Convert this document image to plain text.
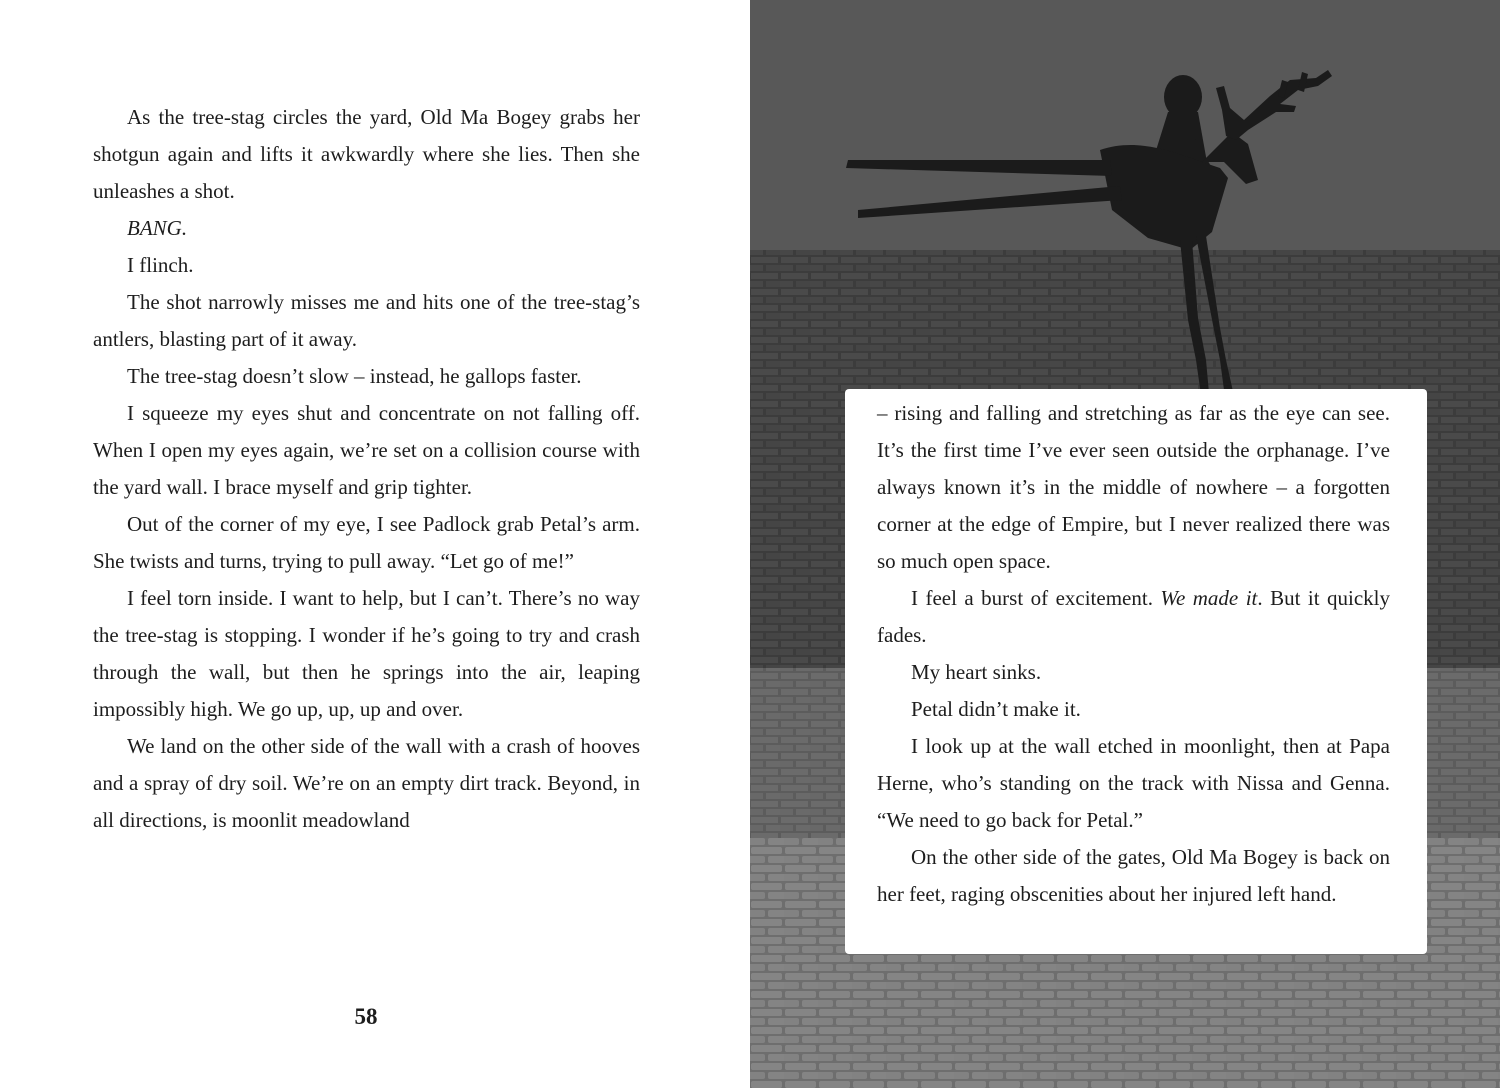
As the tree-stag circles the yard, Old Ma Bogey grabs her shotgun again and lifts it awkwardly where she lies. Then she unleashes a shot.

BANG.

I flinch.

The shot narrowly misses me and hits one of the tree-stag’s antlers, blasting part of it away.

The tree-stag doesn’t slow – instead, he gallops faster.

I squeeze my eyes shut and concentrate on not falling off. When I open my eyes again, we’re set on a collision course with the yard wall. I brace myself and grip tighter.

Out of the corner of my eye, I see Padlock grab Petal’s arm. She twists and turns, trying to pull away. “Let go of me!”

I feel torn inside. I want to help, but I can’t. There’s no way the tree-stag is stopping. I wonder if he’s going to try and crash through the wall, but then he springs into the air, leaping impossibly high. We go up, up, up and over.

We land on the other side of the wall with a crash of hooves and a spray of dry soil. We’re on an empty dirt track. Beyond, in all directions, is moonlit meadowland

58

– rising and falling and stretching as far as the eye can see. It’s the first time I’ve ever seen outside the orphanage. I’ve always known it’s in the middle of nowhere – a forgotten corner at the edge of Empire, but I never realized there was so much open space.

I feel a burst of excitement. We made it. But it quickly fades.

My heart sinks.

Petal didn’t make it.

I look up at the wall etched in moonlight, then at Papa Herne, who’s standing on the track with Nissa and Genna. “We need to go back for Petal.”

On the other side of the gates, Old Ma Bogey is back on her feet, raging obscenities about her injured left hand.
